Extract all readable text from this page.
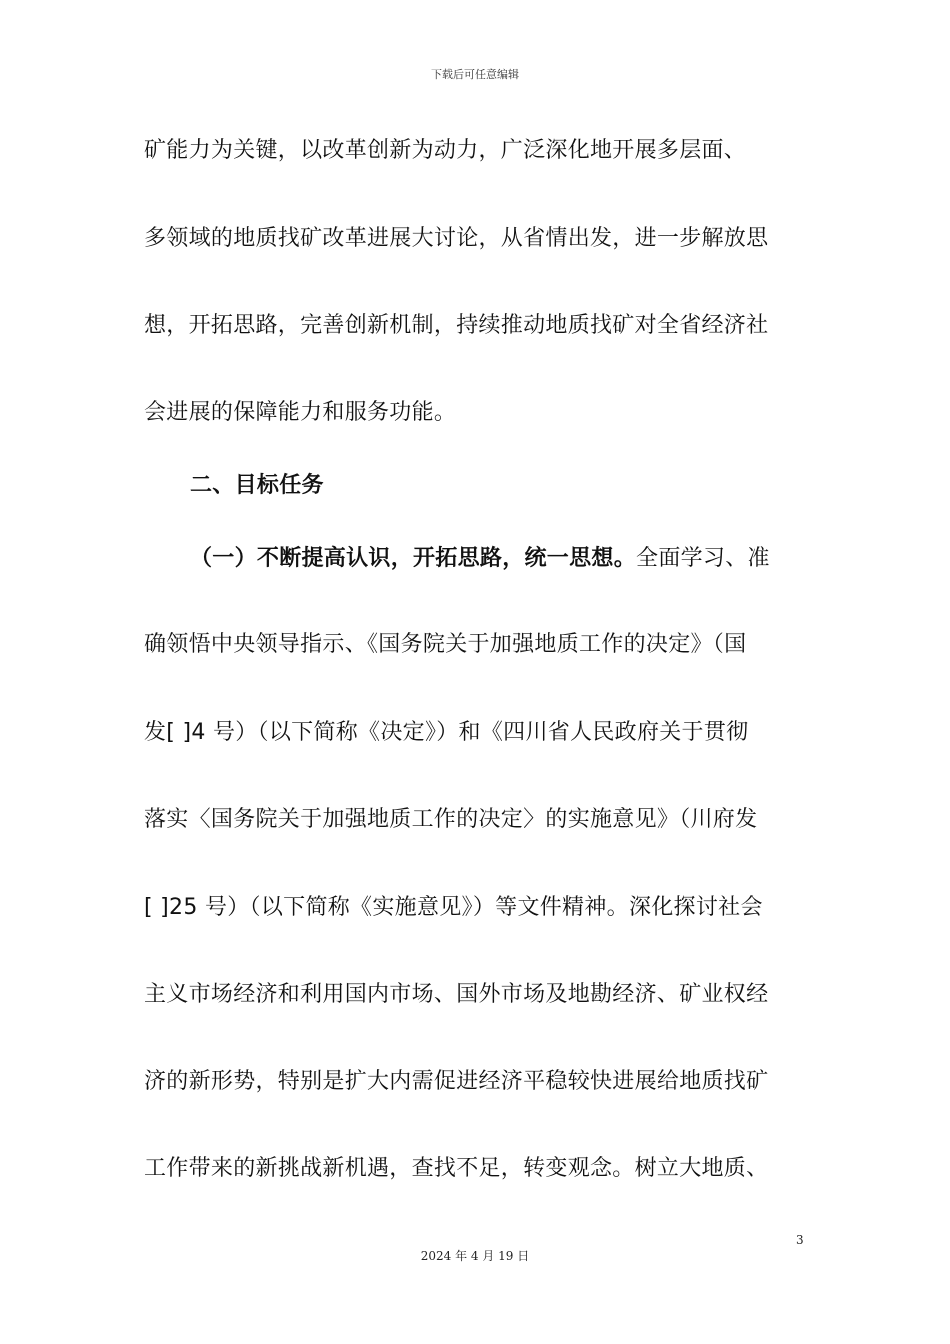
下载后可任意编辑
矿能力为关键，以改革创新为动力，广泛深化地开展多层面、
多领域的地质找矿改革进展大讨论，从省情出发，进一步解放思
想，开拓思路，完善创新机制，持续推动地质找矿对全省经济社
会进展的保障能力和服务功能。
二、目标任务
（一）不断提高认识，开拓思路，统一思想。全面学习、准
确领悟中央领导指示、《国务院关于加强地质工作的决定》（国
发[ ]4 号）（以下简称《决定》）和《四川省人民政府关于贯彻
落实〈国务院关于加强地质工作的决定〉的实施意见》（川府发
[ ]25 号）（以下简称《实施意见》）等文件精神。深化探讨社会
主义市场经济和利用国内市场、国外市场及地勘经济、矿业权经
济的新形势，特别是扩大内需促进经济平稳较快进展给地质找矿
工作带来的新挑战新机遇，查找不足，转变观念。树立大地质、
3
2024 年 4 月 19 日
